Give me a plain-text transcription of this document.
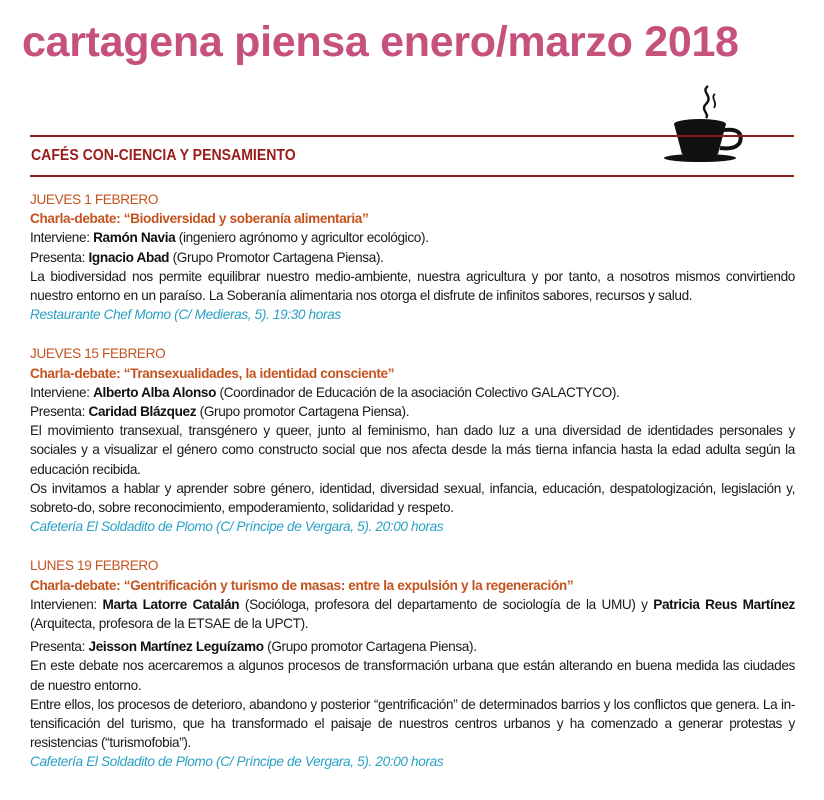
cartagena piensa enero/marzo 2018
CAFÉS CON-CIENCIA Y PENSAMIENTO
JUEVES 1 FEBRERO
Charla-debate: “Biodiversidad y soberanía alimentaria”
Interviene: Ramón Navia (ingeniero agrónomo y agricultor ecológico).
Presenta: Ignacio Abad (Grupo Promotor Cartagena Piensa).
La biodiversidad nos permite equilibrar nuestro medio-ambiente, nuestra agricultura y por tanto, a nosotros mismos convirtiendo nuestro entorno en un paraíso. La Soberanía alimentaria nos otorga el disfrute de infinitos sabores, recursos y salud.
Restaurante Chef Momo (C/ Medieras, 5). 19:30 horas
JUEVES 15 FEBRERO
Charla-debate: “Transexualidades, la identidad consciente”
Interviene: Alberto Alba Alonso (Coordinador de Educación de la asociación Colectivo GALACTYCO).
Presenta: Caridad Blázquez (Grupo promotor Cartagena Piensa).
El movimiento transexual, transgénero y queer, junto al feminismo, han dado luz a una diversidad de identidades personales y sociales y a visualizar el género como constructo social que nos afecta desde la más tierna infancia hasta la edad adulta según la educación recibida.
Os invitamos a hablar y aprender sobre género, identidad, diversidad sexual, infancia, educación, despatologización, legislación y, sobreto-do, sobre reconocimiento, empoderamiento, solidaridad y respeto.
Cafetería El Soldadito de Plomo (C/ Príncipe de Vergara, 5). 20:00 horas
LUNES 19 FEBRERO
Charla-debate: “Gentrificación y turismo de masas: entre la expulsión y la regeneración”
Intervienen: Marta Latorre Catalán (Socióloga, profesora del departamento de sociología de la UMU) y Patricia Reus Martínez (Arquitecta, profesora de la ETSAE de la UPCT).
Presenta: Jeisson Martínez Leguízamo (Grupo promotor Cartagena Piensa).
En este debate nos acercaremos a algunos procesos de transformación urbana que están alterando en buena medida las ciudades de nuestro entorno.
Entre ellos, los procesos de deterioro, abandono y posterior “gentrificación” de determinados barrios y los conflictos que genera. La in-tensificación del turismo, que ha transformado el paisaje de nuestros centros urbanos y ha comenzado a generar protestas y resistencias (“turismofobia”).
Cafetería El Soldadito de Plomo (C/ Príncipe de Vergara, 5). 20:00 horas
